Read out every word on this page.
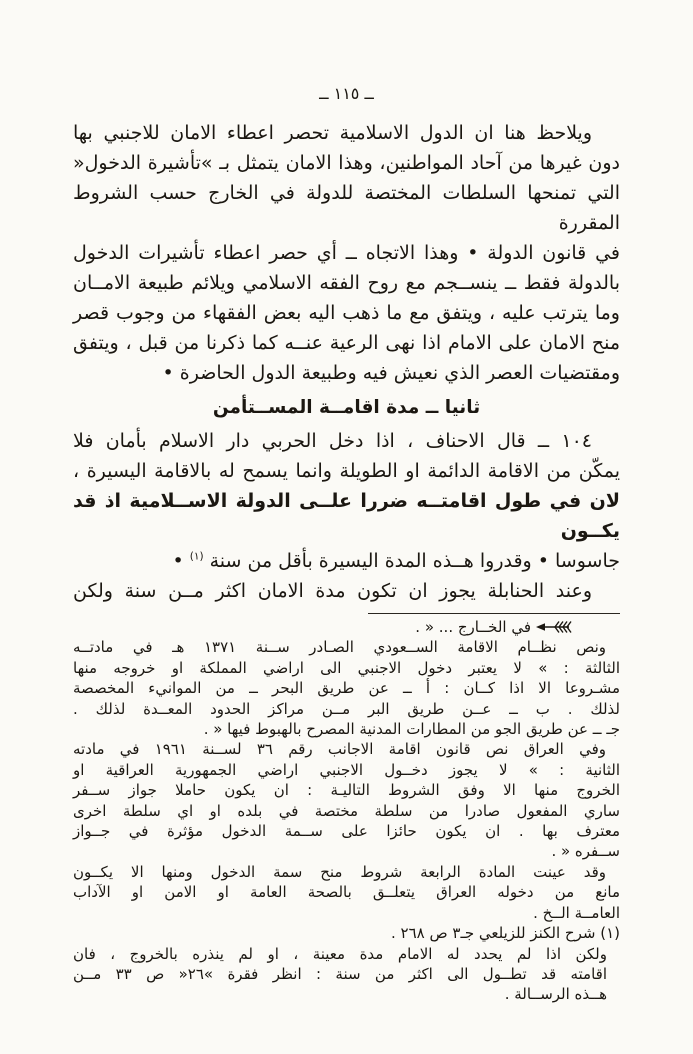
ــ ١١٥ ــ
ويلاحظ هنا ان الدول الاسلامية تحصر اعطاء الامان للاجنبي بها
دون غيرها من آحاد المواطنين، وهذا الامان يتمثل بـ »تأشيرة الدخول«
التي تمنحها السلطات المختصة للدولة في الخارج حسب الشروط المقررة
في قانون الدولة • وهذا الاتجاه ــ أي حصر اعطاء تأشيرات الدخول
بالدولة فقط ــ ينســجم مع روح الفقه الاسلامي ويلائم طبيعة الامــان
وما يترتب عليه ، ويتفق مع ما ذهب اليه بعض الفقهاء من وجوب قصر
منح الامان على الامام اذا نهى الرعية عنــه كما ذكرنا من قبل ، ويتفق
ومقتضيات العصر الذي نعيش فيه وطبيعة الدول الحاضرة •
ثانيا ــ مدة اقامــة المســتأمن
١٠٤ ــ قال الاحناف ، اذا دخل الحربي دار الاسلام بأمان فلا
يمكّن من الاقامة الدائمة او الطويلة وانما يسمح له بالاقامة اليسيرة ،
لان في طول اقامتــه ضررا علــى الدولة الاســلامية اذ قد يكــون
جاسوسا • وقدروا هــذه المدة اليسيرة بأقل من سنة $^{(١)}$ •
وعند الحنابلة يجوز ان تكون مدة الامان اكثر مــن سنة ولكن
في الخــارج ... « .
ونص نظــام الاقامة الســعودي الصـادر ســنة ١٣٧١ هـ في مادتــه
الثالثة : » لا يعتبر دخول الاجنبي الى اراضي المملكة او خروجه منها
مشـروعا الا اذا كــان : أ ــ عن طريق البحر ــ من الموانيء المخصصة
لذلك . ب ــ عــن طريق البر مــن مراكز الحدود المعــدة لذلك .
جـ ــ عن طريق الجو من المطارات المدنية المصرح بالهبوط فيها « .
وفي العراق نص قانون اقامة الاجانب رقم ٣٦ لســنة ١٩٦١ في مادته
الثانية : » لا يجوز دخــول الاجنبي اراضي الجمهورية العراقية او
الخروج منها الا وفق الشروط التاليـة : ان يكون حاملا جواز ســفر
ساري المفعول صادرا من سلطة مختصة في بلده او اي سلطة اخرى
معترف بها . ان يكون حائزا على ســمة الدخول مؤثرة في جــواز
ســفره « .
وقد عينت المادة الرابعة شروط منح سمة الدخول ومنها الا يكــون
مانع من دخوله العراق يتعلــق بالصحة العامة او الامن او الآداب
العامــة الــخ .
(١) شرح الكنز للزيلعي جـ٣ ص ٢٦٨ .
ولكن اذا لم يحدد له الامام مدة معينة ، او لم ينذره بالخروج ، فان
اقامته قد تطــول الى اكثر من سنة : انظر فقرة »٢٦« ص ٣٣ مــن
هــذه الرســالة .
